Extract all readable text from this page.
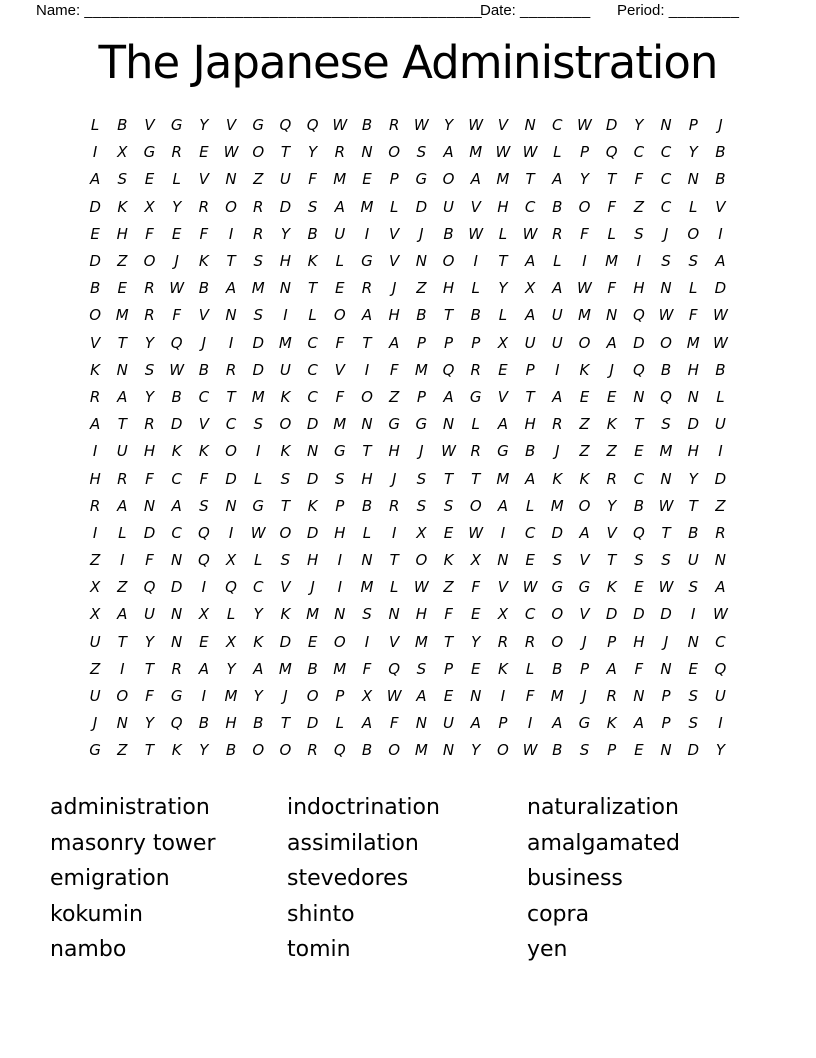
Name: _____________________________________________
Date: ________ Period: ________
The Japanese Administration
L	B	V	G	Y	V	G	Q	Q W B	R W	Y	W V	N	C W D	Y	N	P	J
I	X	G	R	E	W O	T	Y	R	N	O	S	A	M W W	L	P	Q	C	C	Y	B
A	S	E	L	V	N	Z	U	F	M	E	P	G	O	A	M	T	A	Y	T	F	C	N	B
D	K	X	Y	R	O	R	D	S	A	M	L	D	U	V	H	C	B	O	F	Z	C	L	V
E	H	F	E	F	I	R	Y	B	U	I	V	J	B W	L	W R	F	L	S	J	O	I
D	Z	O	J	K	T	S	H	K	L	G	V	N	O	I	T	A	L	I	M	I	S	S	A
B	E	R W B	A	M	N	T	E	R	J	Z	H	L	Y	X	A W	F	H	N	L	D
O M	R	F	V	N	S	I	L	O	A	H	B	T	B	L	A	U	M	N	Q W	F	W
V	T	Y	Q	J	I	D M	C	F	T	A	P	P	P	X	U	U	O	A	D	O M W
K	N	S	W B	R	D	U	C	V	I	F	M Q	R	E	P	I	K	J	Q	B	H	B
R	A	Y	B	C	T	M	K	C	F	O	Z	P	A	G	V	T	A	E	E	N	Q	N	L
A	T	R	D	V	C	S	O	D M	N	G	G	N	L	A	H	R	Z	K	T	S	D	U
I	U	H	K	K	O	I	K	N	G	T	H	J	W R	G	B	J	Z	Z	E	M	H	I
H	R	F	C	F	D	L	S	D	S	H	J	S	T	T	M	A	K	K	R	C	N	Y	D
R	A	N	A	S	N	G	T	K	P	B	R	S	S	O	A	L	M O	Y	B W	T	Z
I	L	D	C	Q	I	W O	D	H	L	I	X	E	W	I	C	D	A	V	Q	T	B	R
Z	I	F	N	Q	X	L	S	H	I	N	T	O	K	X	N	E	S	V	T	S	S	U	N
X	Z	Q	D	I	Q	C	V	J	I	M	L	W Z	F	V W G	G	K	E	W	S	A
X	A	U	N	X	L	Y	K	M	N	S	N	H	F	E	X	C	O	V	D	D	D	I	W
U	T	Y	N	E	X	K	D	E	O	I	V	M	T	Y	R	R	O	J	P	H	J	N	C
Z	I	T	R	A	Y	A	M	B	M	F	Q	S	P	E	K	L	B	P	A	F	N	E	Q
U	O	F	G	I	M	Y	J	O	P	X W A	E	N	I	F	M	J	R	N	P	S	U
J	N	Y	Q	B	H	B	T	D	L	A	F	N	U	A	P	I	A	G	K	A	P	S	I
G	Z	T	K	Y	B	O	O	R	Q	B	O M	N	Y	O W B	S	P	E	N	D	Y
administration
masonry tower
emigration
kokumin
nambo
indoctrination
assimilation
stevedores
shinto
tomin
naturalization
amalgamated
business
copra
yen
